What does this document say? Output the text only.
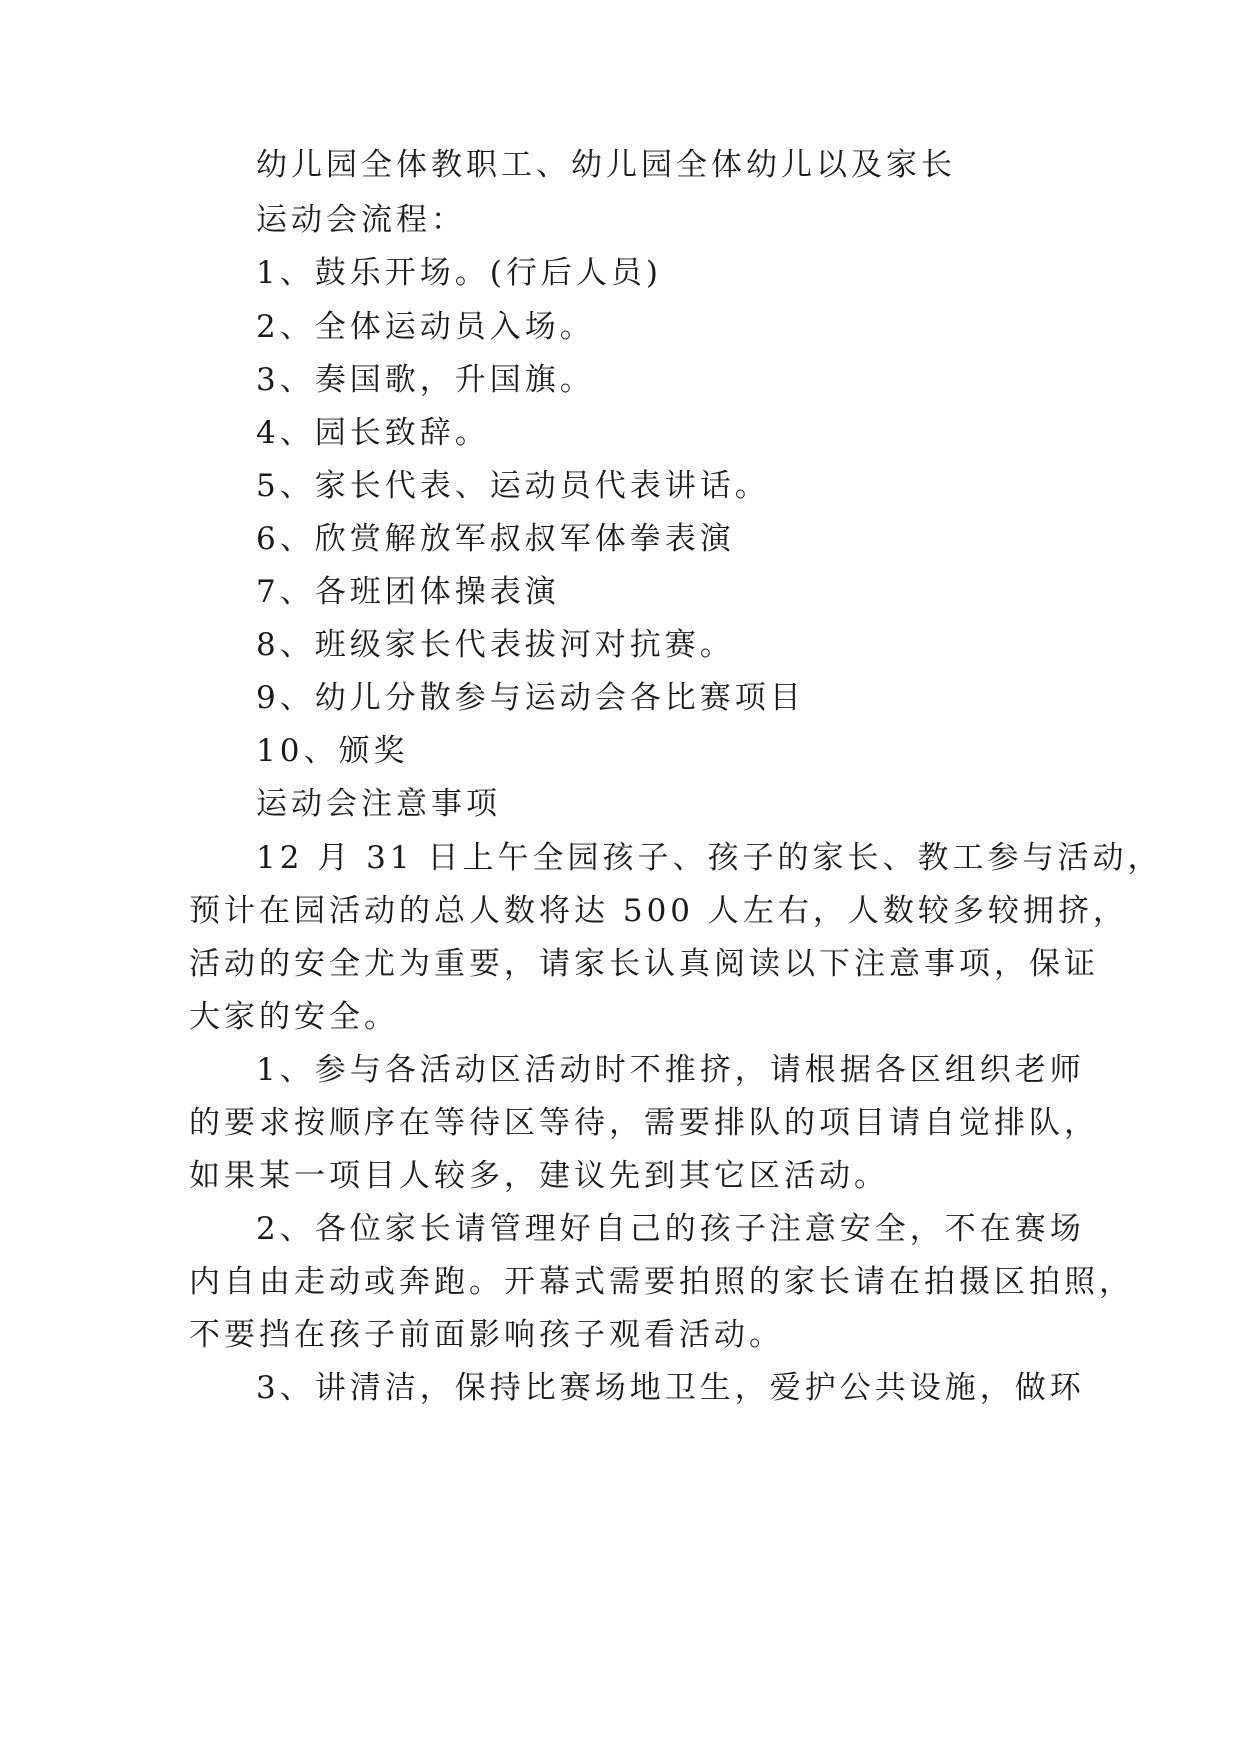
幼儿园全体教职工、幼儿园全体幼儿以及家长
运动会流程：
1、鼓乐开场。(行后人员)
2、全体运动员入场。
3、奏国歌，升国旗。
4、园长致辞。
5、家长代表、运动员代表讲话。
6、欣赏解放军叔叔军体拳表演
7、各班团体操表演
8、班级家长代表拔河对抗赛。
9、幼儿分散参与运动会各比赛项目
10、颁奖
运动会注意事项
12 月 31 日上午全园孩子、孩子的家长、教工参与活动，
预计在园活动的总人数将达 500 人左右，人数较多较拥挤，
活动的安全尤为重要，请家长认真阅读以下注意事项，保证
大家的安全。
1、参与各活动区活动时不推挤，请根据各区组织老师
的要求按顺序在等待区等待，需要排队的项目请自觉排队，
如果某一项目人较多，建议先到其它区活动。
2、各位家长请管理好自己的孩子注意安全，不在赛场
内自由走动或奔跑。开幕式需要拍照的家长请在拍摄区拍照，
不要挡在孩子前面影响孩子观看活动。
3、讲清洁，保持比赛场地卫生，爱护公共设施，做环
